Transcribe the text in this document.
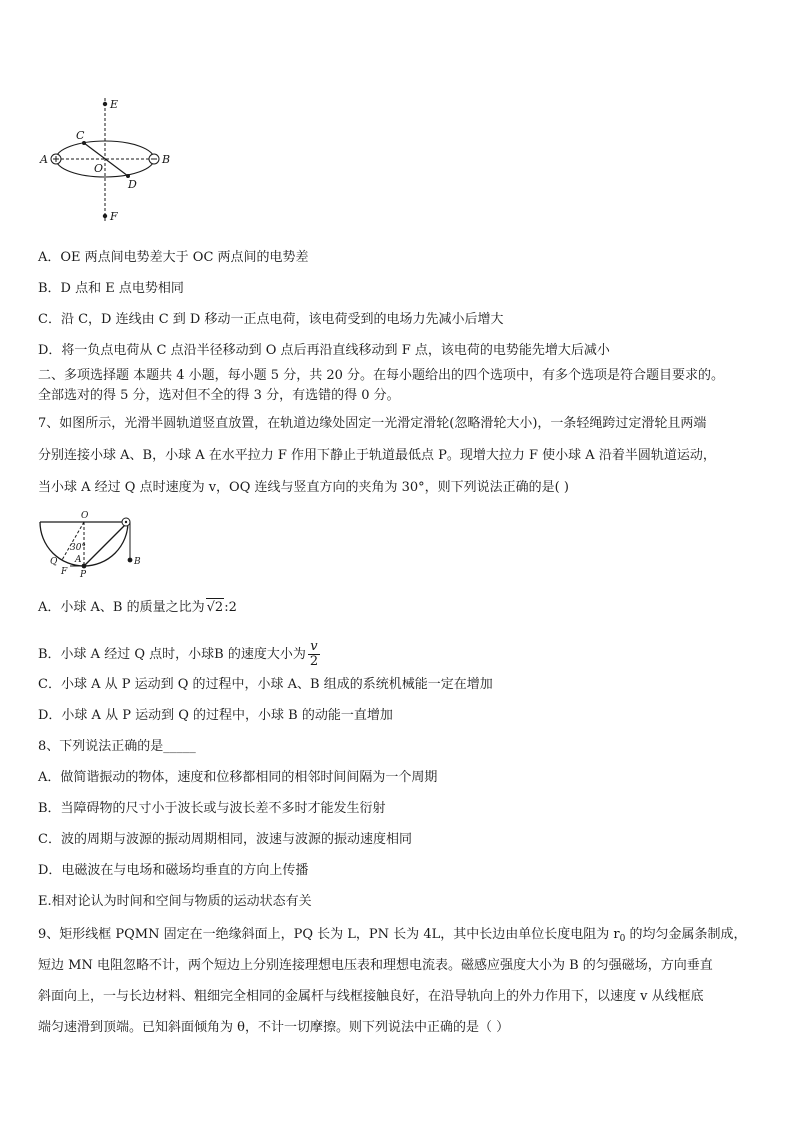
E
C
A
O
B
D
F
A．OE 两点间电势差大于 OC 两点间的电势差
B．D 点和 E 点电势相同
C．沿 C，D 连线由 C 到 D 移动一正点电荷，该电荷受到的电场力先减小后增大
D．将一负点电荷从 C 点沿半径移动到 O 点后再沿直线移动到 F 点，该电荷的电势能先增大后减小
二、多项选择题 本题共 4 小题，每小题 5 分，共 20 分。在每小题给出的四个选项中，有多个选项是符合题目要求的。
全部选对的得 5 分，选对但不全的得 3 分，有选错的得 0 分。
7、如图所示，光滑半圆轨道竖直放置，在轨道边缘处固定一光滑定滑轮(忽略滑轮大小)，一条轻绳跨过定滑轮且两端
分别连接小球 A、B，小球 A 在水平拉力 F 作用下静止于轨道最低点 P。现增大拉力 F 使小球 A 沿着半圆轨道运动，
当小球 A 经过 Q 点时速度为 v，OQ 连线与竖直方向的夹角为 30°，则下列说法正确的是( )
O
30°
A
Q
F P
B
A．小球 A、B 的质量之比为 √2:2
B．小球 A 经过 Q 点时，小球B 的速度大小为 $\frac{v}{2}$
C．小球 A 从 P 运动到 Q 的过程中，小球 A、B 组成的系统机械能一定在增加
D．小球 A 从 P 运动到 Q 的过程中，小球 B 的动能一直增加
8、下列说法正确的是_____
A．做简谐振动的物体，速度和位移都相同的相邻时间间隔为一个周期
B．当障碍物的尺寸小于波长或与波长差不多时才能发生衍射
C．波的周期与波源的振动周期相同，波速与波源的振动速度相同
D．电磁波在与电场和磁场均垂直的方向上传播
E.相对论认为时间和空间与物质的运动状态有关
9、矩形线框 PQMN 固定在一绝缘斜面上，PQ 长为 L，PN 长为 4L，其中长边由单位长度电阻为 $r_0$ 的均匀金属条制成，
短边 MN 电阻忽略不计，两个短边上分别连接理想电压表和理想电流表。磁感应强度大小为 B 的匀强磁场，方向垂直
斜面向上，一与长边材料、粗细完全相同的金属杆与线框接触良好，在沿导轨向上的外力作用下，以速度 v 从线框底
端匀速滑到顶端。已知斜面倾角为 θ，不计一切摩擦。则下列说法中正确的是（ ）
